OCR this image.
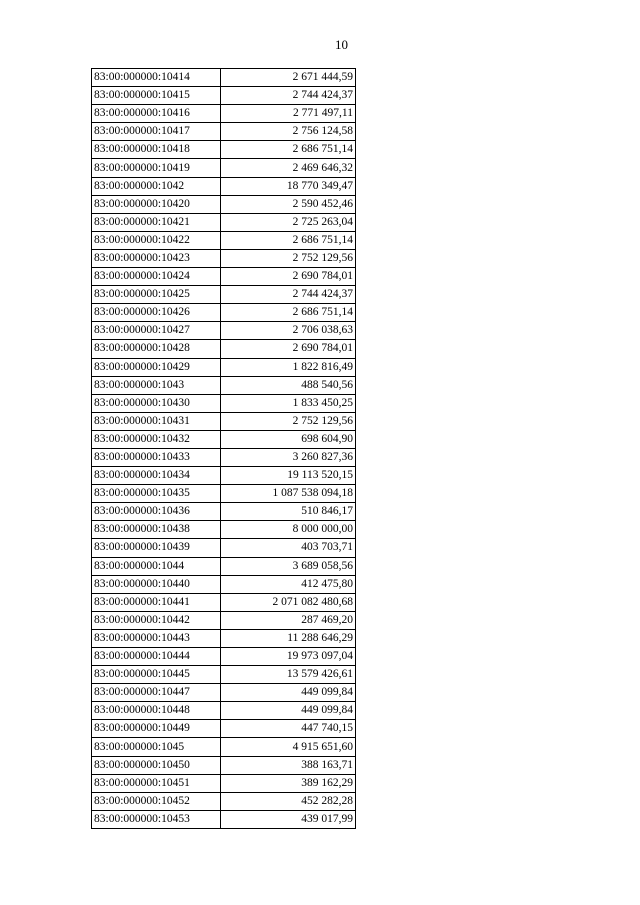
10
83:00:000000:10414	2 671 444,59
83:00:000000:10415	2 744 424,37
83:00:000000:10416	2 771 497,11
83:00:000000:10417	2 756 124,58
83:00:000000:10418	2 686 751,14
83:00:000000:10419	2 469 646,32
83:00:000000:1042	18 770 349,47
83:00:000000:10420	2 590 452,46
83:00:000000:10421	2 725 263,04
83:00:000000:10422	2 686 751,14
83:00:000000:10423	2 752 129,56
83:00:000000:10424	2 690 784,01
83:00:000000:10425	2 744 424,37
83:00:000000:10426	2 686 751,14
83:00:000000:10427	2 706 038,63
83:00:000000:10428	2 690 784,01
83:00:000000:10429	1 822 816,49
83:00:000000:1043	488 540,56
83:00:000000:10430	1 833 450,25
83:00:000000:10431	2 752 129,56
83:00:000000:10432	698 604,90
83:00:000000:10433	3 260 827,36
83:00:000000:10434	19 113 520,15
83:00:000000:10435	1 087 538 094,18
83:00:000000:10436	510 846,17
83:00:000000:10438	8 000 000,00
83:00:000000:10439	403 703,71
83:00:000000:1044	3 689 058,56
83:00:000000:10440	412 475,80
83:00:000000:10441	2 071 082 480,68
83:00:000000:10442	287 469,20
83:00:000000:10443	11 288 646,29
83:00:000000:10444	19 973 097,04
83:00:000000:10445	13 579 426,61
83:00:000000:10447	449 099,84
83:00:000000:10448	449 099,84
83:00:000000:10449	447 740,15
83:00:000000:1045	4 915 651,60
83:00:000000:10450	388 163,71
83:00:000000:10451	389 162,29
83:00:000000:10452	452 282,28
83:00:000000:10453	439 017,99
